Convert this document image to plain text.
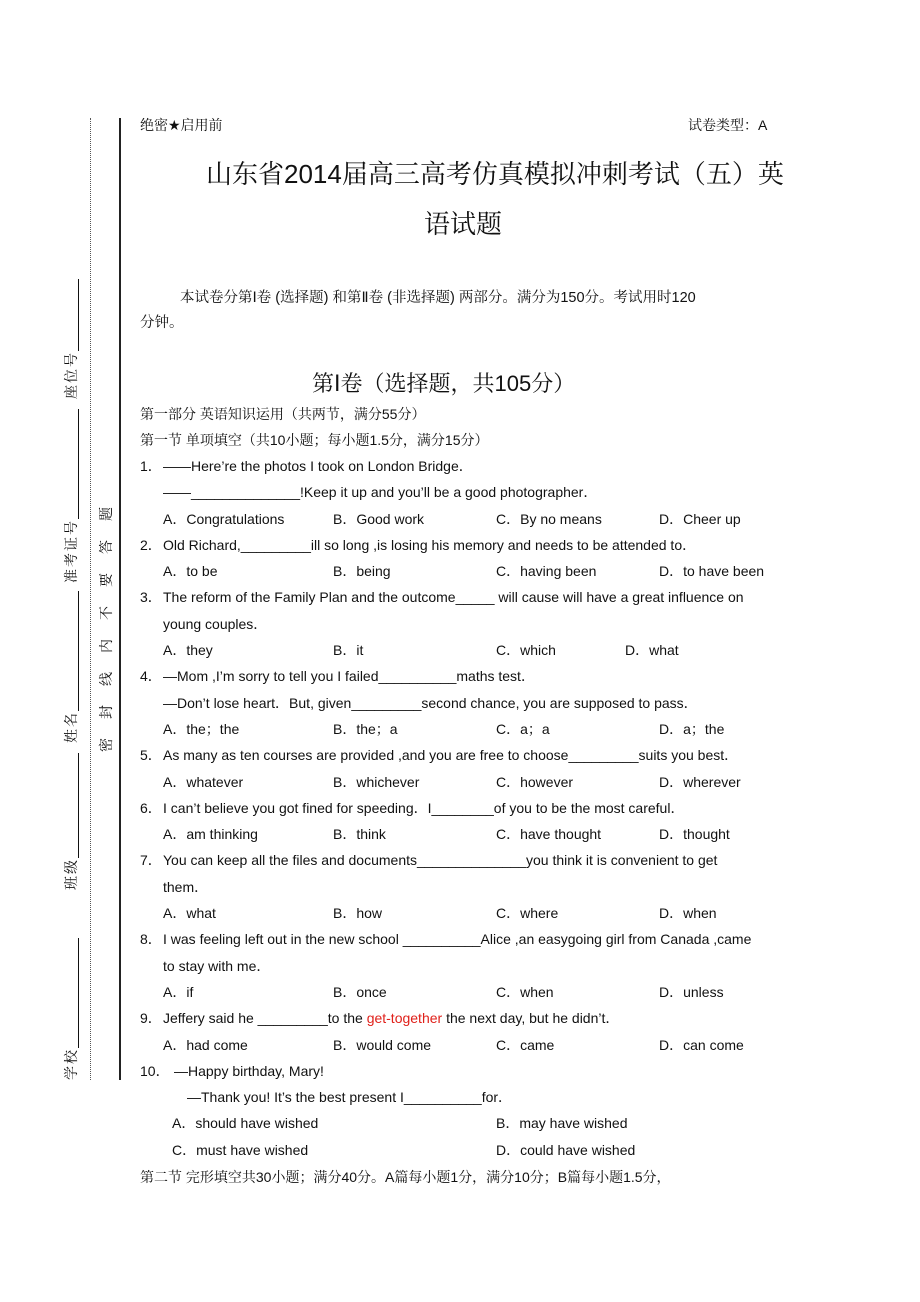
学校
班级
姓名
准考证号
座位号
密封线内不要答题
绝密★启用前	试卷类型：A
山东省2014届高三高考仿真模拟冲刺考试（五）英
语试题
本试卷分第Ⅰ卷 (选择题) 和第Ⅱ卷 (非选择题) 两部分。满分为150分。考试用时120
分钟。
第Ⅰ卷（选择题，共105分）
第一部分 英语知识运用（共两节，满分55分）
第一节 单项填空（共10小题；每小题1.5分，满分15分）
1． ——Here’re the photos I took on London Bridge．
——______________!Keep it up and you’ll be a good photographer．
A．Congratulations	B．Good work	C．By no means	D．Cheer up
2． Old Richard,_________ill so long ,is losing his memory and needs to be attended to．
A．to be	B．being	C．having been	D．to have been
3． The reform of the Family Plan and the outcome_____ will cause will have a great influence on
young couples．
A．they	B．it	C．which	D．what
4． —Mom ,I’m sorry to tell you I failed__________maths test．
—Don’t lose heart．But, given_________second chance, you are supposed to pass．
A．the；the	B．the；a	C．a；a	D．a；the
5． As many as ten courses are provided ,and you are free to choose_________suits you best．
A．whatever	B．whichever	C．however	D．wherever
6． I can’t believe you got fined for speeding．I________of you to be the most careful．
A．am thinking	B．think	C．have thought	D．thought
7． You can keep all the files and documents______________you think it is convenient to get
them．
A．what	B．how	C．where	D．when
8． I was feeling left out in the new school __________Alice ,an easygoing girl from Canada ,came
to stay with me．
A．if	B．once	C．when	D．unless
9． Jeffery said he _________to the get-together the next day, but he didn’t．
A．had come	B．would come	C．came	D．can come
10． —Happy birthday, Mary!
—Thank you! It’s the best present I__________for．
A．should have wished	B．may have wished
C．must have wished	D．could have wished
第二节 完形填空共30小题；满分40分。A篇每小题1分，满分10分；B篇每小题1.5分，
